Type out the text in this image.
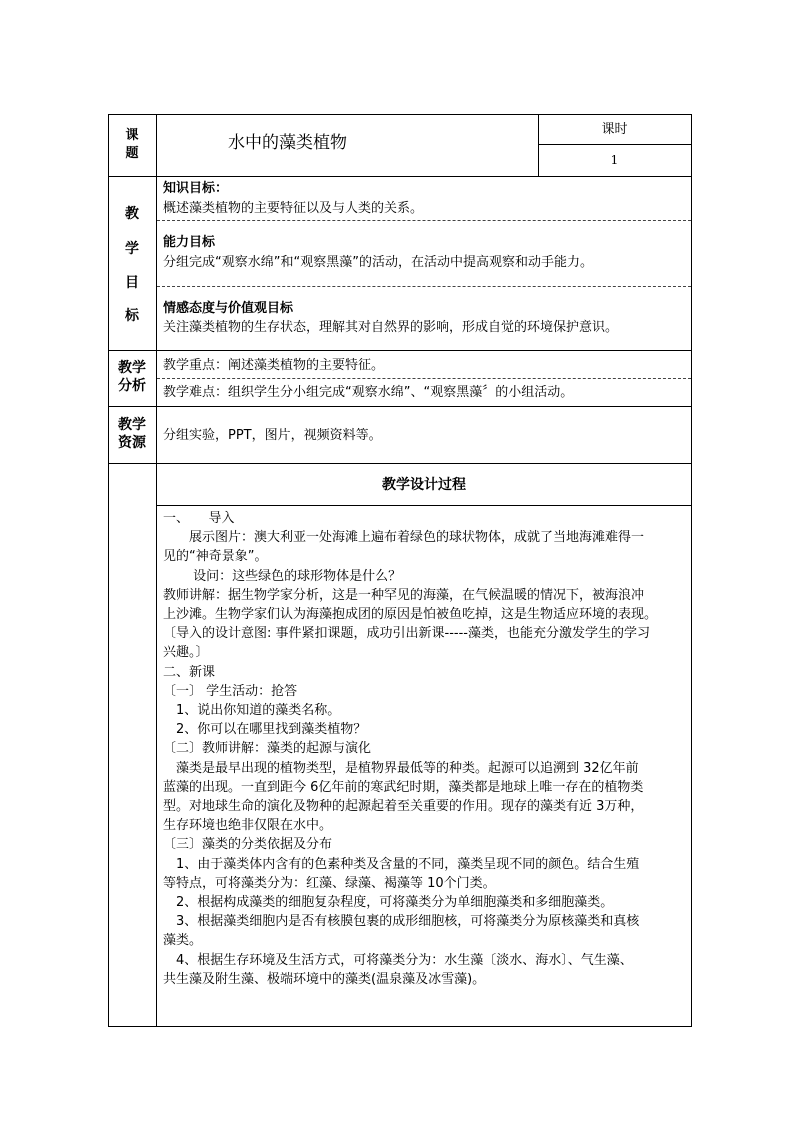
课题
水中的藻类植物
课时
1
教
学
目
标
知识目标：
概述藻类植物的主要特征以及与人类的关系。
能力目标
分组完成“观察水绵”和“观察黑藻”的活动，在活动中提高观察和动手能力。
情感态度与价值观目标
关注藻类植物的生存状态，理解其对自然界的影响，形成自觉的环境保护意识。
教学
分析
教学重点：阐述藻类植物的主要特征。
教学难点：组织学生分小组完成“观察水绵”、“观察黑藻〞的小组活动。
教学
资源	分组实验，PPT，图片，视频资料等。
教学设计过程

一、　　导入

　　展示图片：澳大利亚一处海滩上遍布着绿色的球状物体，成就了当地海滩难得一

见的“神奇景象”。

　　 设问：这些绿色的球形物体是什么？

教师讲解：据生物学家分析，这是一种罕见的海藻，在气候温暖的情况下，被海浪冲

上沙滩。生物学家们认为海藻抱成团的原因是怕被鱼吃掉，这是生物适应环境的表现。

〔导入的设计意图: 事件紧扣课题，成功引出新课-----藻类，也能充分激发学生的学习

兴趣。〕

二、新课

〔一〕 学生活动：抢答

　1、说出你知道的藻类名称。

　2、你可以在哪里找到藻类植物？

〔二〕教师讲解：藻类的起源与演化

　藻类是最早出现的植物类型，是植物界最低等的种类。起源可以追溯到 32亿年前

蓝藻的出现。一直到距今 6亿年前的寒武纪时期，藻类都是地球上唯一存在的植物类

型。对地球生命的演化及物种的起源起着至关重要的作用。现存的藻类有近 3万种，

生存环境也绝非仅限在水中。

〔三〕藻类的分类依据及分布

　1、由于藻类体内含有的色素种类及含量的不同，藻类呈现不同的颜色。结合生殖

等特点，可将藻类分为：红藻、绿藻、褐藻等 10个门类。

　2、根据构成藻类的细胞复杂程度，可将藻类分为单细胞藻类和多细胞藻类。

　3、根据藻类细胞内是否有核膜包裹的成形细胞核，可将藻类分为原核藻类和真核

藻类。

　4、根据生存环境及生活方式，可将藻类分为：水生藻〔淡水、海水〕、气生藻、

共生藻及附生藻、极端环境中的藻类(温泉藻及冰雪藻)。
